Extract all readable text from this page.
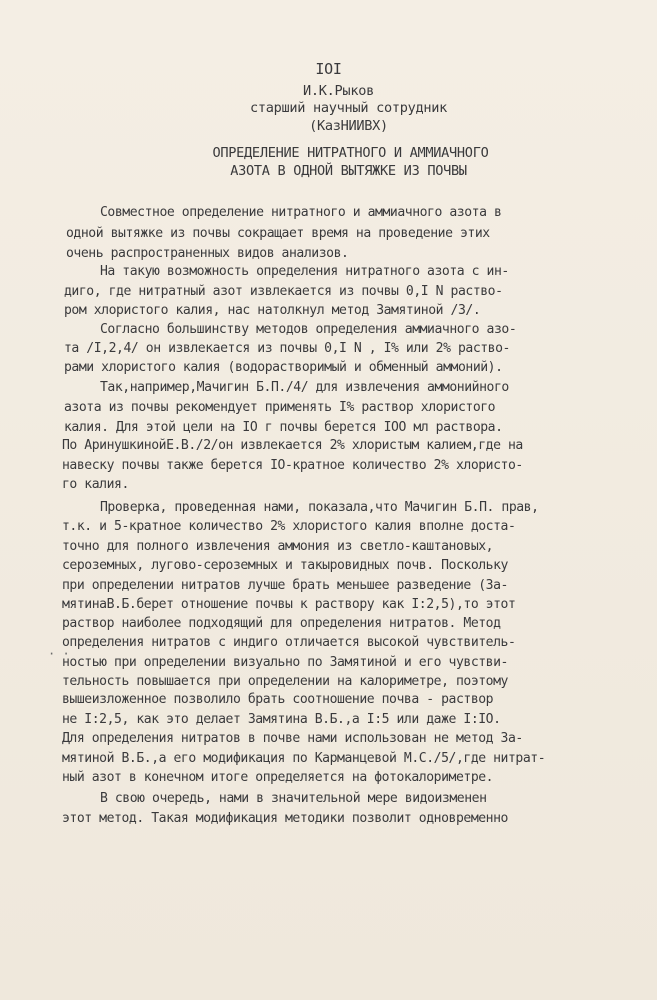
IOI
И.К.Рыков
старший научный сотрудник
(КазНИИВХ)
ОПРЕДЕЛЕНИЕ НИТРАТНОГО И АММИАЧНОГО
АЗОТА В ОДНОЙ ВЫТЯЖКЕ ИЗ ПОЧВЫ
Совместное определение нитратного и аммиачного азота в
одной вытяжке из почвы сокращает время на проведение этих
очень распространенных видов анализов.
На такую возможность определения нитратного азота с ин-
диго, где нитратный азот извлекается из почвы 0,I N раство-
ром хлористого калия, нас натолкнул метод Замятиной /3/.
Согласно большинству методов определения аммиачного азо-
та /I,2,4/ он извлекается из почвы 0,I N , I% или 2% раство-
рами хлористого калия (водорастворимый и обменный аммоний).
Так,например,Мачигин Б.П./4/ для извлечения аммонийного
азота из почвы рекомендует применять I% раствор хлористого
калия. Для этой цели на IO г почвы берется IOO мл раствора.
По АринушкинойЕ.В./2/он извлекается 2% хлористым калием,где на
навеску почвы также берется IO-кратное количество 2% хлористо-
го калия.
Проверка, проведенная нами, показала,что Мачигин Б.П. прав,
т.к. и 5-кратное количество 2% хлористого калия вполне доста-
точно для полного извлечения аммония из светло-каштановых,
сероземных, лугово-сероземных и такыровидных почв. Поскольку
при определении нитратов лучше брать меньшее разведение (За-
мятинаВ.Б.берет отношение почвы к раствору как I:2,5),то этот
раствор наиболее подходящий для определения нитратов. Метод
определения нитратов с индиго отличается высокой чувствитель-
ностью при определении визуально по Замятиной и его чувстви-
тельность повышается при определении на калориметре, поэтому
вышеизложенное позволило брать соотношение почва - раствор
не I:2,5, как это делает Замятина В.Б.,а I:5 или даже I:IO.
Для определения нитратов в почве нами использован не метод За-
мятиной В.Б.,а его модификация по Карманцевой М.С./5/,где нитрат-
ный азот в конечном итоге определяется на фотокалориметре.
В свою очередь, нами в значительной мере видоизменен
этот метод. Такая модификация методики позволит одновременно
· ·
